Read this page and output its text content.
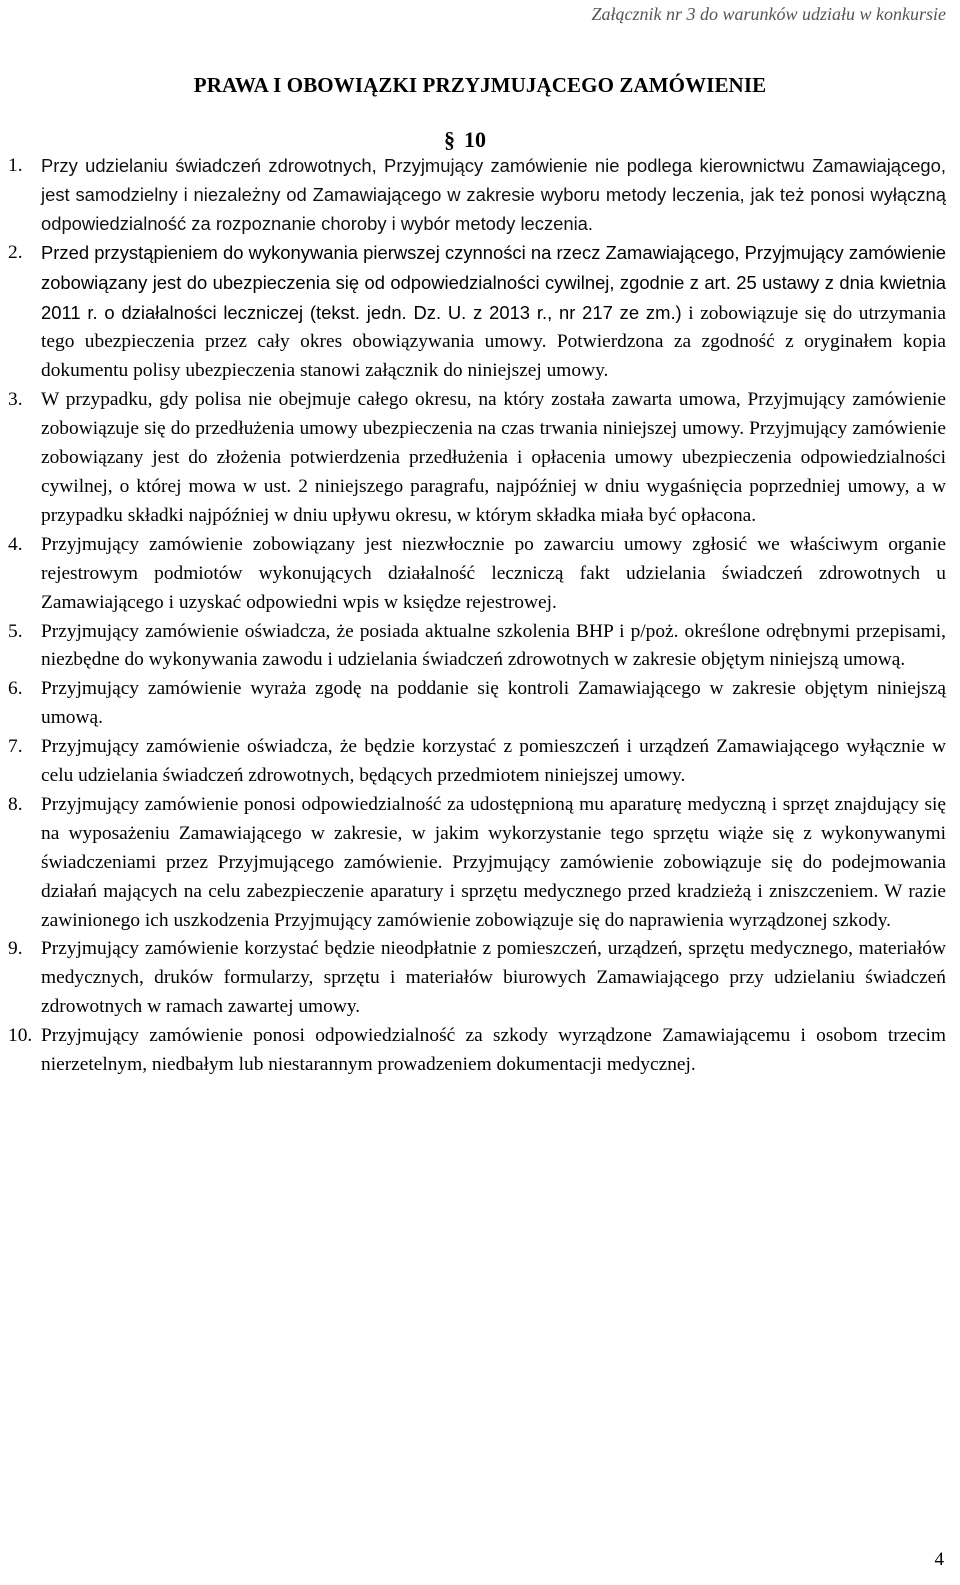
Załącznik nr 3 do warunków udziału w konkursie
PRAWA I OBOWIĄZKI PRZYJMUJĄCEGO ZAMÓWIENIE
§ 10
1.	Przy udzielaniu świadczeń zdrowotnych, Przyjmujący zamówienie nie podlega kierownictwu Zamawiającego, jest samodzielny i niezależny od Zamawiającego w zakresie wyboru metody leczenia, jak też ponosi wyłączną odpowiedzialność za rozpoznanie choroby i wybór metody leczenia.
2.	Przed przystąpieniem do wykonywania pierwszej czynności na rzecz Zamawiającego, Przyjmujący zamówienie zobowiązany jest do ubezpieczenia się od odpowiedzialności cywilnej, zgodnie z art. 25 ustawy z dnia kwietnia 2011 r. o działalności leczniczej (tekst. jedn. Dz. U. z 2013 r., nr 217 ze zm.) i zobowiązuje się do utrzymania tego ubezpieczenia przez cały okres obowiązywania umowy. Potwierdzona za zgodność z oryginałem kopia dokumentu polisy ubezpieczenia stanowi załącznik do niniejszej umowy.
3. W przypadku, gdy polisa nie obejmuje całego okresu, na który została zawarta umowa, Przyjmujący zamówienie zobowiązuje się do przedłużenia umowy ubezpieczenia na czas trwania niniejszej umowy. Przyjmujący zamówienie zobowiązany jest do złożenia potwierdzenia przedłużenia i opłacenia umowy ubezpieczenia odpowiedzialności cywilnej, o której mowa w ust. 2 niniejszego paragrafu, najpóźniej w dniu wygaśnięcia poprzedniej umowy, a w przypadku składki najpóźniej w dniu upływu okresu, w którym składka miała być opłacona.
4. Przyjmujący zamówienie zobowiązany jest niezwłocznie po zawarciu umowy zgłosić we właściwym organie rejestrowym podmiotów wykonujących działalność leczniczą fakt udzielania świadczeń zdrowotnych u Zamawiającego i uzyskać odpowiedni wpis w księdze rejestrowej.
5. Przyjmujący zamówienie oświadcza, że posiada aktualne szkolenia BHP i p/poż. określone odrębnymi przepisami, niezbędne do wykonywania zawodu i udzielania świadczeń zdrowotnych w zakresie objętym niniejszą umową.
6. Przyjmujący zamówienie wyraża zgodę na poddanie się kontroli Zamawiającego w zakresie objętym niniejszą umową.
7. Przyjmujący zamówienie oświadcza, że będzie korzystać z pomieszczeń i urządzeń Zamawiającego wyłącznie w celu udzielania świadczeń zdrowotnych, będących przedmiotem niniejszej umowy.
8. Przyjmujący zamówienie ponosi odpowiedzialność za udostępnioną mu aparaturę medyczną i sprzęt znajdujący się na wyposażeniu Zamawiającego w zakresie, w jakim wykorzystanie tego sprzętu wiąże się z wykonywanymi świadczeniami przez Przyjmującego zamówienie. Przyjmujący zamówienie zobowiązuje się do podejmowania działań mających na celu zabezpieczenie aparatury i sprzętu medycznego przed kradzieżą i zniszczeniem. W razie zawinionego ich uszkodzenia Przyjmujący zamówienie zobowiązuje się do naprawienia wyrządzonej szkody.
9. Przyjmujący zamówienie korzystać będzie nieodpłatnie z pomieszczeń, urządzeń, sprzętu medycznego, materiałów medycznych, druków formularzy, sprzętu i materiałów biurowych Zamawiającego przy udzielaniu świadczeń zdrowotnych w ramach zawartej umowy.
10. Przyjmujący zamówienie ponosi odpowiedzialność za szkody wyrządzone Zamawiającemu i osobom trzecim nierzetelnym, niedbałym lub niestarannym prowadzeniem dokumentacji medycznej.
4
